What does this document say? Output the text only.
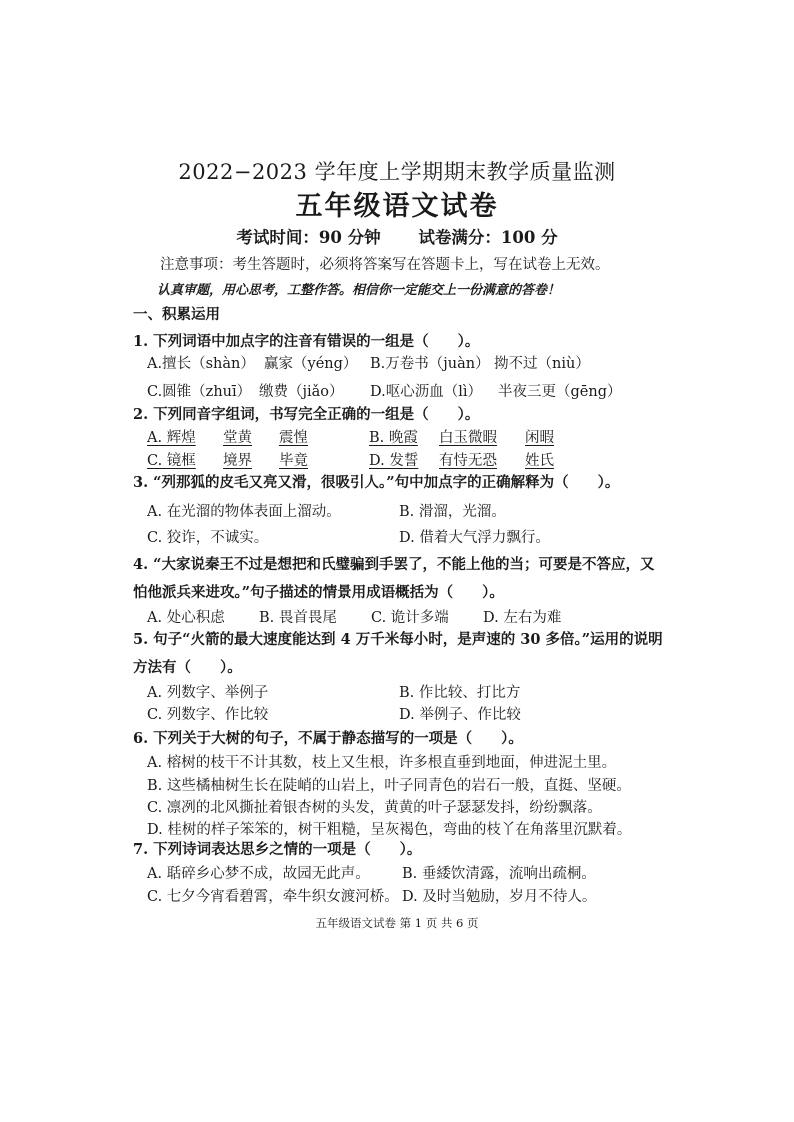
2022−2023 学年度上学期期末教学质量监测
五年级语文试卷
考试时间：90 分钟 试卷满分：100 分
注意事项：考生答题时，必须将答案写在答题卡上，写在试卷上无效。
认真审题，用心思考，工整作答。相信你一定能交上一份满意的答卷！
一、积累运用
1. 下列词语中加点字的注音有错误的一组是（　　）。
A.擅长（shàn） 赢家（yéng） B.万卷书（juàn） 拗不过（niù）
C.圆锥（zhuī） 缴费（jiǎo） D.呕心沥血（lì） 半夜三更（gēng）
2. 下列同音字组词，书写完全正确的一组是（　　）。
A. 辉煌 堂黄 震惶	B. 晚霞 白玉微暇 闲暇
C. 镜框 境界 毕竟	D. 发誓 有恃无恐 姓氏
3. “列那狐的皮毛又亮又滑，很吸引人。”句中加点字的正确解释为（　　）。
A. 在光溜的物体表面上溜动。	B. 滑溜，光溜。
C. 狡诈，不诚实。	D. 借着大气浮力飘行。
4. “大家说秦王不过是想把和氏璧骗到手罢了，不能上他的当；可要是不答应，又怕他派兵来进攻。”句子描述的情景用成语概括为（　　）。
A. 处心积虑 B. 畏首畏尾 C. 诡计多端 D. 左右为难
5. 句子“火箭的最大速度能达到 4 万千米每小时，是声速的 30 多倍。”运用的说明方法有（　　）。
A. 列数字、举例子	B. 作比较、打比方
C. 列数字、作比较	D. 举例子、作比较
6. 下列关于大树的句子，不属于静态描写的一项是（　　）。
A. 榕树的枝干不计其数，枝上又生根，许多根直垂到地面，伸进泥土里。
B. 这些橘柚树生长在陡峭的山岩上，叶子同青色的岩石一般，直挺、坚硬。
C. 凛冽的北风撕扯着银杏树的头发，黄黄的叶子瑟瑟发抖，纷纷飘落。
D. 桂树的样子笨笨的，树干粗糙，呈灰褐色，弯曲的枝丫在角落里沉默着。
7. 下列诗词表达思乡之情的一项是（　　）。
A. 聒碎乡心梦不成，故园无此声。 B. 垂緌饮清露，流响出疏桐。
C. 七夕今宵看碧霄，牵牛织女渡河桥。 D. 及时当勉励，岁月不待人。
五年级语文试卷 第 1 页 共 6 页
